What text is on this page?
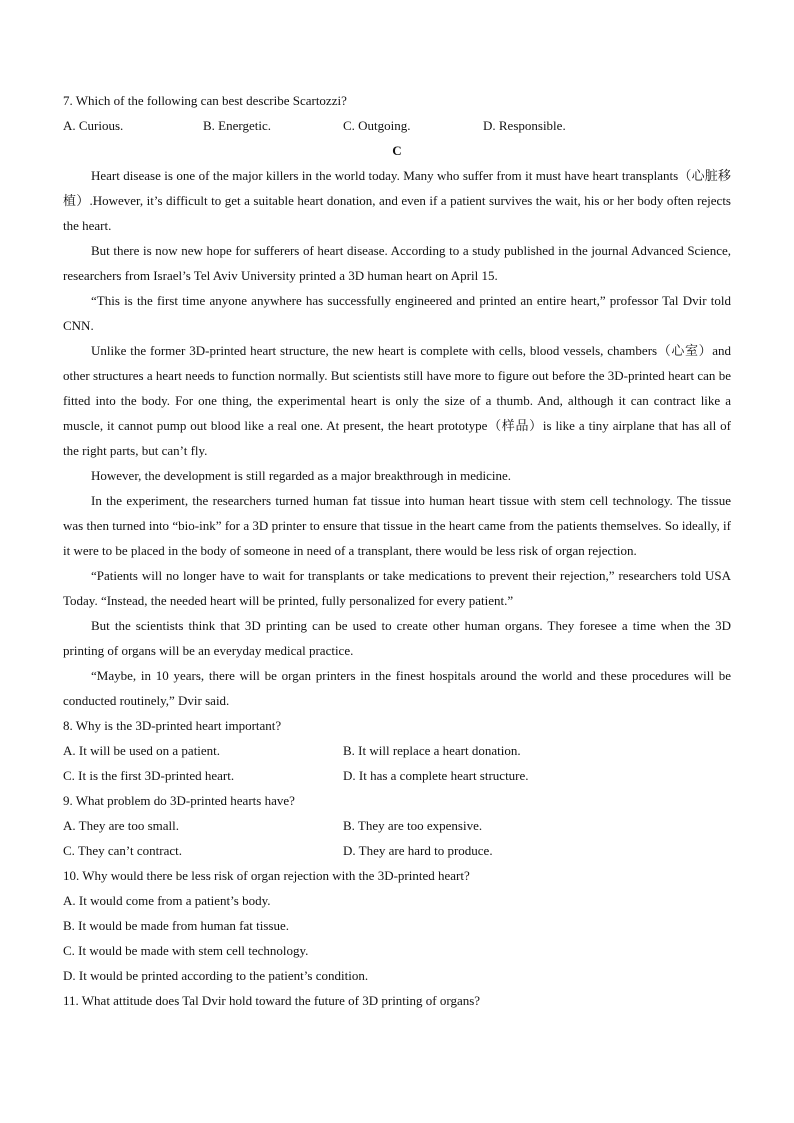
7. Which of the following can best describe Scartozzi?
A. Curious.	B. Energetic.	C. Outgoing.	D. Responsible.
C

Heart disease is one of the major killers in the world today. Many who suffer from it must have heart transplants（心脏移植）.However, it’s difficult to get a suitable heart donation, and even if a patient survives the wait, his or her body often rejects the heart.

But there is now new hope for sufferers of heart disease. According to a study published in the journal Advanced Science, researchers from Israel’s Tel Aviv University printed a 3D human heart on April 15.

“This is the first time anyone anywhere has successfully engineered and printed an entire heart,” professor Tal Dvir told CNN.

Unlike the former 3D-printed heart structure, the new heart is complete with cells, blood vessels, chambers（心室）and other structures a heart needs to function normally. But scientists still have more to figure out before the 3D-printed heart can be fitted into the body. For one thing, the experimental heart is only the size of a thumb. And, although it can contract like a muscle, it cannot pump out blood like a real one. At present, the heart prototype（样品）is like a tiny airplane that has all of the right parts, but can’t fly.

However, the development is still regarded as a major breakthrough in medicine.

In the experiment, the researchers turned human fat tissue into human heart tissue with stem cell technology. The tissue was then turned into “bio-ink” for a 3D printer to ensure that tissue in the heart came from the patients themselves. So ideally, if it were to be placed in the body of someone in need of a transplant, there would be less risk of organ rejection.

“Patients will no longer have to wait for transplants or take medications to prevent their rejection,” researchers told USA Today. “Instead, the needed heart will be printed, fully personalized for every patient.”

But the scientists think that 3D printing can be used to create other human organs. They foresee a time when the 3D printing of organs will be an everyday medical practice.

“Maybe, in 10 years, there will be organ printers in the finest hospitals around the world and these procedures will be conducted routinely,” Dvir said.

8. Why is the 3D-printed heart important?
A. It will be used on a patient.	B. It will replace a heart donation.
C. It is the first 3D-printed heart.	D. It has a complete heart structure.
9. What problem do 3D-printed hearts have?
A. They are too small.	B. They are too expensive.
C. They can’t contract.	D. They are hard to produce.
10. Why would there be less risk of organ rejection with the 3D-printed heart?
A. It would come from a patient’s body.
B. It would be made from human fat tissue.
C. It would be made with stem cell technology.
D. It would be printed according to the patient’s condition.
11. What attitude does Tal Dvir hold toward the future of 3D printing of organs?
